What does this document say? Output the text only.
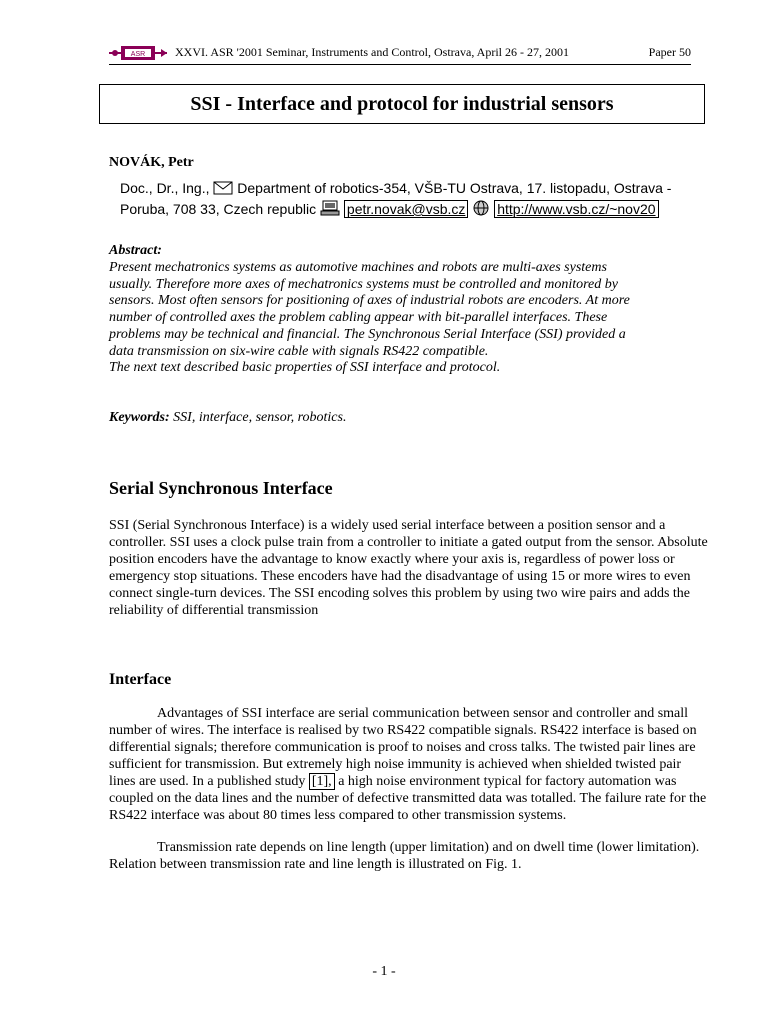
ASR XXVI. ASR '2001 Seminar, Instruments and Control, Ostrava, April 26 - 27, 2001	Paper 50
SSI - Interface and protocol for industrial sensors
NOVÁK, Petr
Doc., Dr., Ing., Department of robotics-354, VŠB-TU Ostrava, 17. listopadu, Ostrava -
Poruba, 708 33, Czech republic petr.novak@vsb.cz http://www.vsb.cz/~nov20
Abstract:
Present mechatronics systems as automotive machines and robots are multi-axes systems
usually. Therefore more axes of mechatronics systems must be controlled and monitored by
sensors. Most often sensors for positioning of axes of industrial robots are encoders. At more
number of controlled axes the problem cabling appear with bit-parallel interfaces. These
problems may be technical and financial. The Synchronous Serial Interface (SSI) provided a
data transmission on six-wire cable with signals RS422 compatible.
The next text described basic properties of SSI interface and protocol.
Keywords: SSI, interface, sensor, robotics.
Serial Synchronous Interface
SSI (Serial Synchronous Interface) is a widely used serial interface between a position sensor and a controller. SSI uses a clock pulse train from a controller to initiate a gated output from the sensor. Absolute position encoders have the advantage to know exactly where your axis is, regardless of power loss or emergency stop situations. These encoders have had the disadvantage of using 15 or more wires to even connect single-turn devices. The SSI encoding solves this problem by using two wire pairs and adds the reliability of differential transmission
Interface
Advantages of SSI interface are serial communication between sensor and controller and small number of wires. The interface is realised by two RS422 compatible signals. RS422 interface is based on differential signals; therefore communication is proof to noises and cross talks. The twisted pair lines are sufficient for transmission. But extremely high noise immunity is achieved when shielded twisted pair lines are used. In a published study [1], a high noise environment typical for factory automation was coupled on the data lines and the number of defective transmitted data was totalled. The failure rate for the RS422 interface was about 80 times less compared to other transmission systems.
Transmission rate depends on line length (upper limitation) and on dwell time (lower limitation). Relation between transmission rate and line length is illustrated on Fig. 1.
- 1 -
